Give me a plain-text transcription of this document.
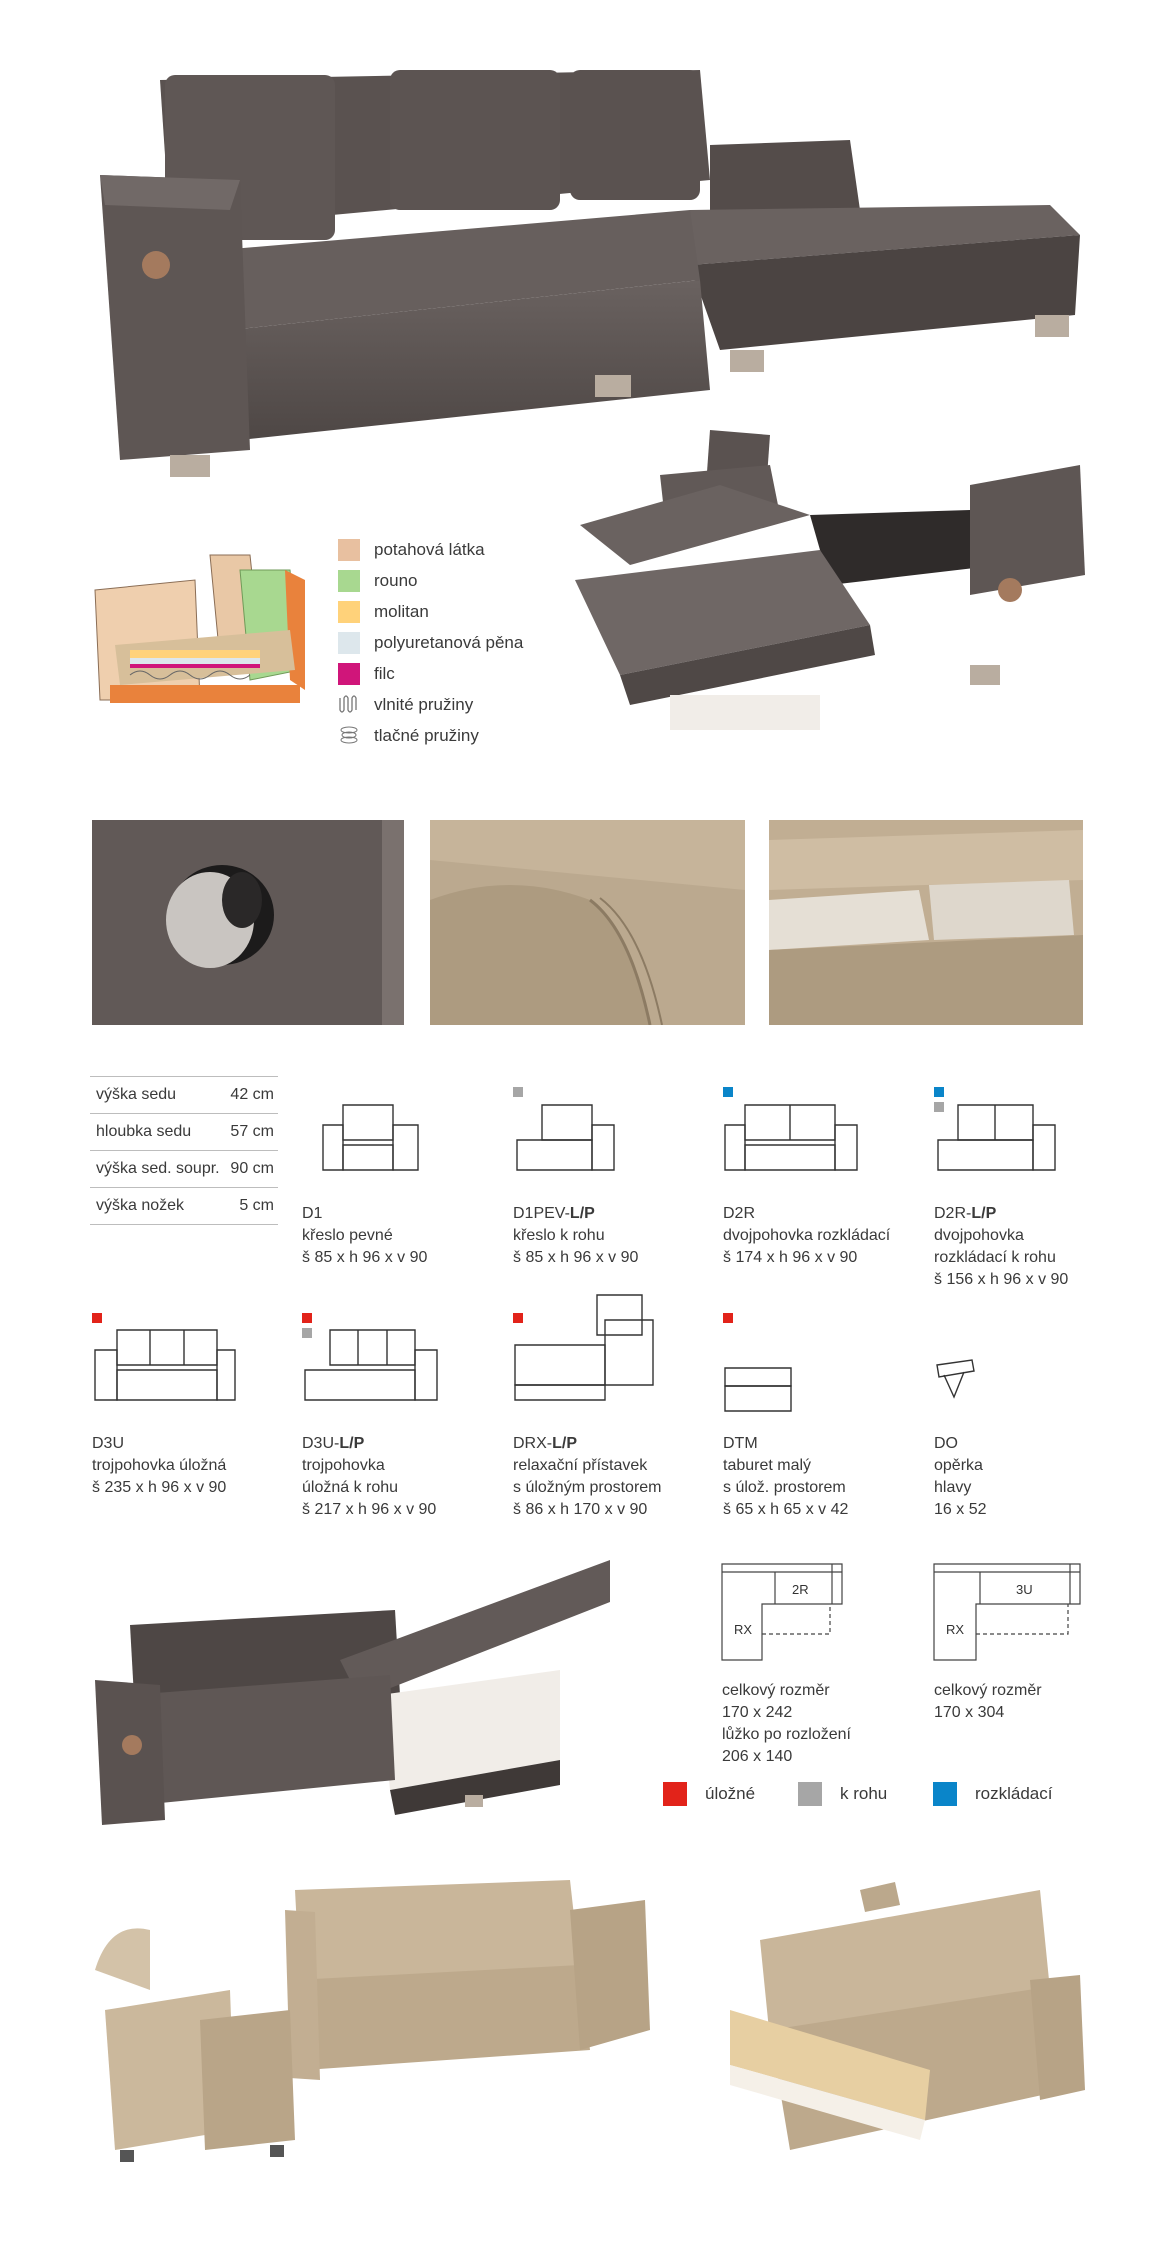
potahová látka
rouno
molitan
polyuretanová pěna
filc
vlnité pružiny
tlačné pružiny
výška sedu	42 cm
hloubka sedu 57 cm
výška sed. soupr. 90 cm
výška nožek	5 cm D1
křeslo pevné
š 85 x h 96 x v 90
D1PEV-L/P
křeslo k rohu
š 85 x h 96 x v 90
D2R
dvojpohovka rozkládací
š 174 x h 96 x v 90
D2R-L/P
dvojpohovka
rozkládací k rohu
š 156 x h 96 x v 90
D3U
trojpohovka úložná
š 235 x h 96 x v 90
D3U-L/P
trojpohovka
úložná k rohu
š 217 x h 96 x v 90
DRX-L/P
relaxační přístavek
s úložným prostorem
š 86 x h 170 x v 90
DTM
taburet malý
s úlož. prostorem
š 65 x h 65 x v 42
DO
opěrka
hlavy
16 x 52
2R
RX
3U
RX
celkový rozměr
170 x 242
lůžko po rozložení
206 x 140
celkový rozměr
170 x 304
úložné	k rohu	rozkládací
